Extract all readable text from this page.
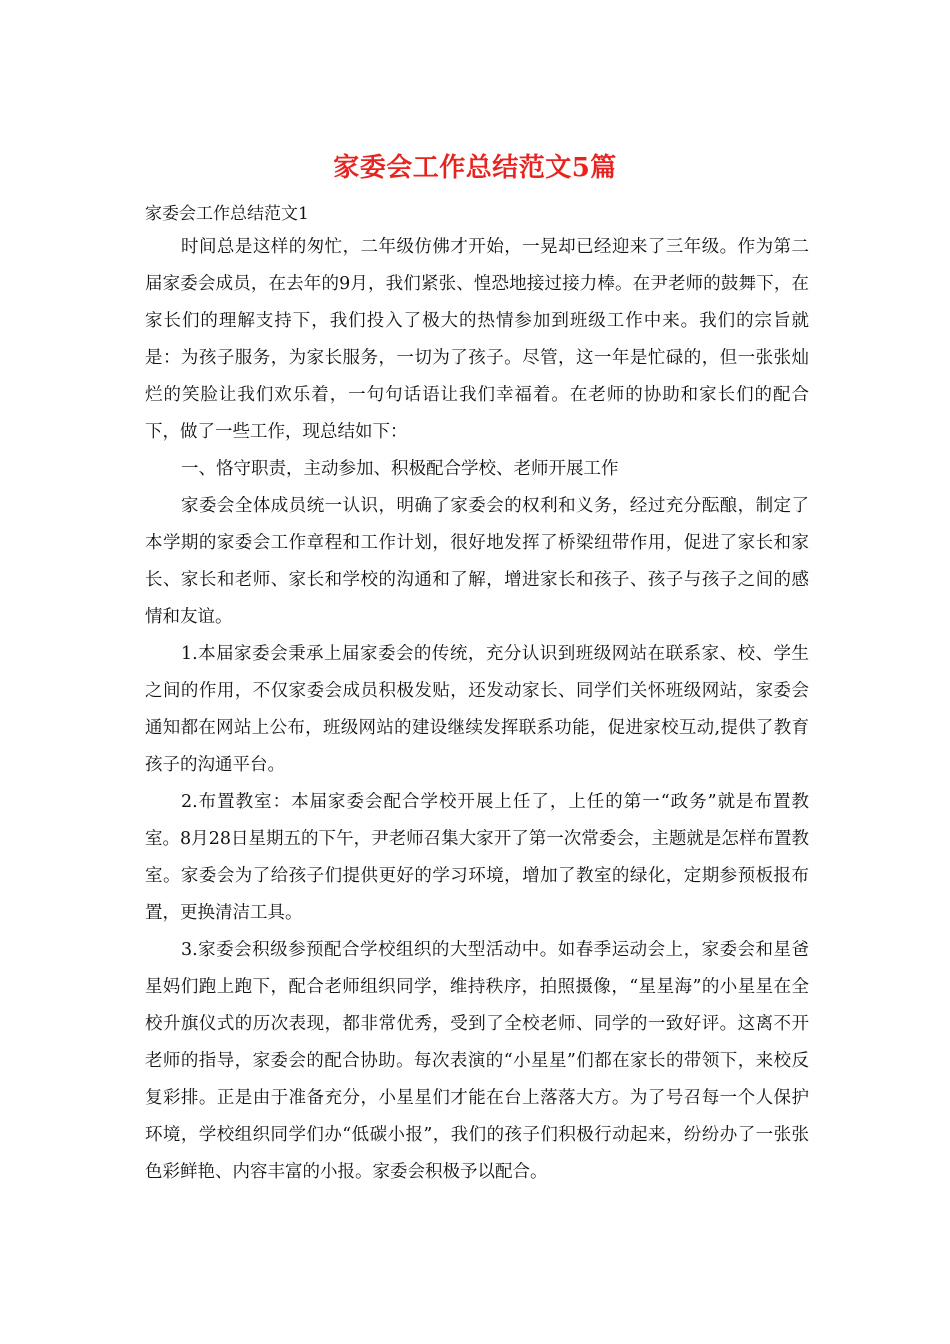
家委会工作总结范文5篇
家委会工作总结范文1

时间总是这样的匆忙，二年级仿佛才开始，一晃却已经迎来了三年级。作为第二届家委会成员，在去年的9月，我们紧张、惶恐地接过接力棒。在尹老师的鼓舞下，在家长们的理解支持下，我们投入了极大的热情参加到班级工作中来。我们的宗旨就是：为孩子服务，为家长服务，一切为了孩子。尽管，这一年是忙碌的，但一张张灿烂的笑脸让我们欢乐着，一句句话语让我们幸福着。在老师的协助和家长们的配合下，做了一些工作，现总结如下：

一、恪守职责，主动参加、积极配合学校、老师开展工作

家委会全体成员统一认识，明确了家委会的权利和义务，经过充分酝酿，制定了本学期的家委会工作章程和工作计划，很好地发挥了桥梁纽带作用，促进了家长和家长、家长和老师、家长和学校的沟通和了解，增进家长和孩子、孩子与孩子之间的感情和友谊。

1.本届家委会秉承上届家委会的传统，充分认识到班级网站在联系家、校、学生之间的作用，不仅家委会成员积极发贴，还发动家长、同学们关怀班级网站，家委会通知都在网站上公布，班级网站的建设继续发挥联系功能，促进家校互动,提供了教育孩子的沟通平台。

2.布置教室：本届家委会配合学校开展上任了，上任的第一“政务”就是布置教室。8月28日星期五的下午，尹老师召集大家开了第一次常委会，主题就是怎样布置教室。家委会为了给孩子们提供更好的学习环境，增加了教室的绿化，定期参预板报布置，更换清洁工具。

3.家委会积级参预配合学校组织的大型活动中。如春季运动会上，家委会和星爸星妈们跑上跑下，配合老师组织同学，维持秩序，拍照摄像，“星星海”的小星星在全校升旗仪式的历次表现，都非常优秀，受到了全校老师、同学的一致好评。这离不开老师的指导，家委会的配合协助。每次表演的“小星星”们都在家长的带领下，来校反复彩排。正是由于准备充分，小星星们才能在台上落落大方。为了号召每一个人保护环境，学校组织同学们办“低碳小报”，我们的孩子们积极行动起来，纷纷办了一张张色彩鲜艳、内容丰富的小报。家委会积极予以配合。
